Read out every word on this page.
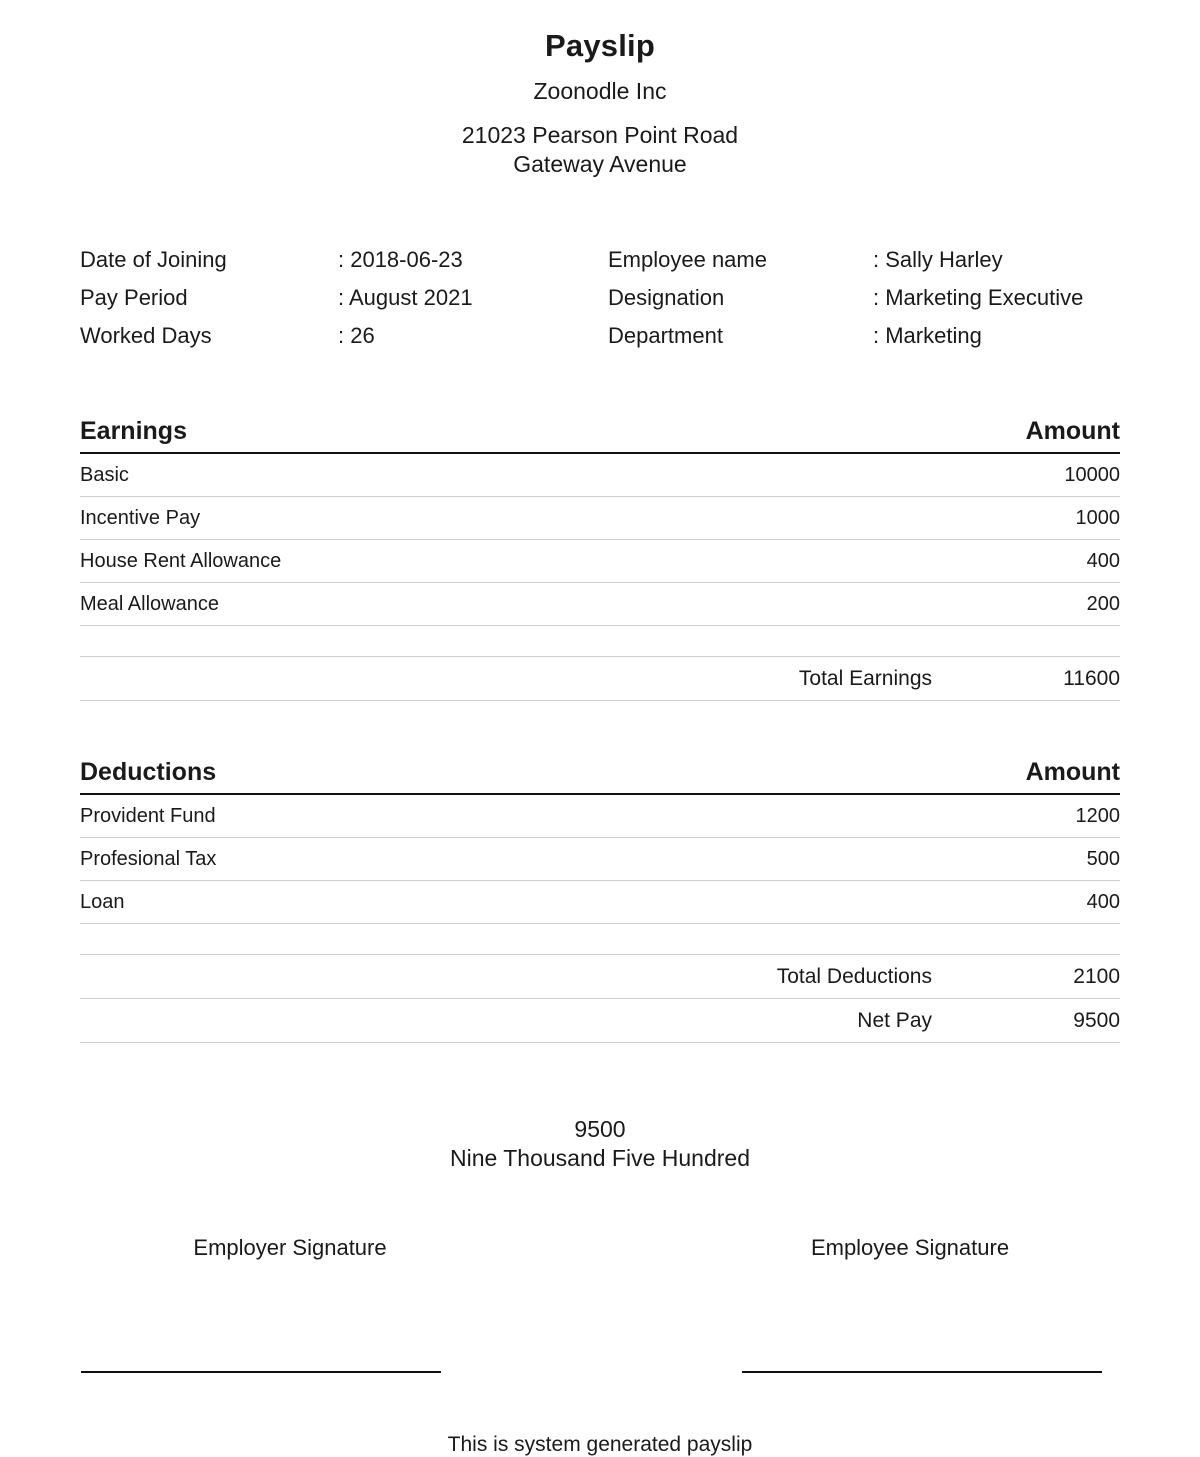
Payslip
Zoonodle Inc
21023 Pearson Point Road
Gateway Avenue
Date of Joining	: 2018-06-23	Employee name	: Sally Harley
Pay Period	: August 2021	Designation	: Marketing Executive
Worked Days	: 26	Department	: Marketing
Earnings	Amount
Basic	10000
Incentive Pay	1000
House Rent Allowance	400
Meal Allowance	200

Total Earnings	11600
Deductions	Amount
Provident Fund	1200
Profesional Tax	500
Loan	400

Total Deductions	2100
Net Pay	9500
9500
Nine Thousand Five Hundred
Employer Signature	Employee Signature
This is system generated payslip
